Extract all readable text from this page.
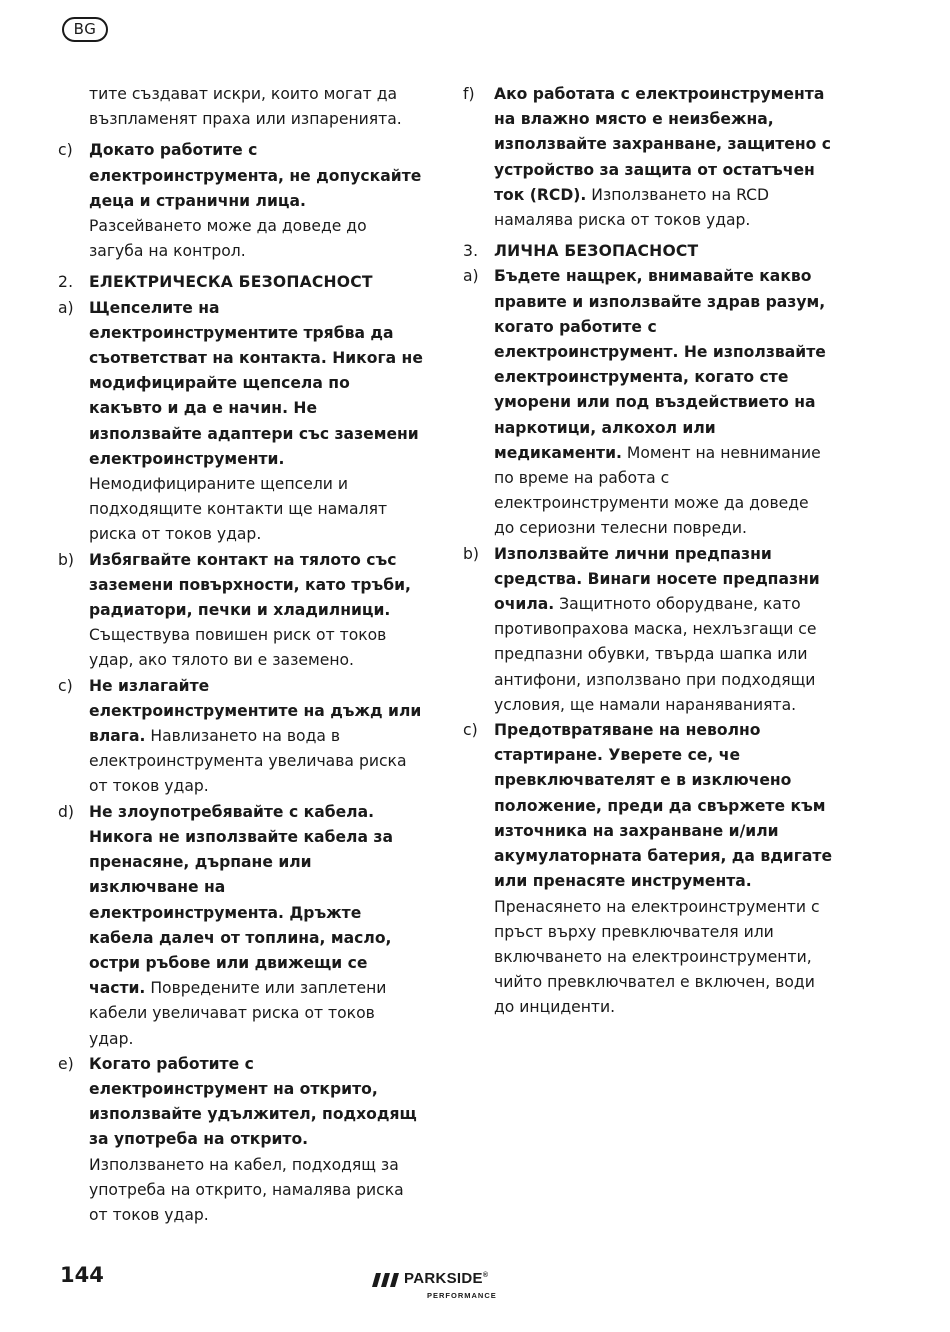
BG
тите създават искри, които могат да възпламенят праха или изпаренията.
c) Докато работите с електроинструмента, не допускайте деца и странични лица. Разсейването може да доведе до загуба на контрол.
2. ЕЛЕКТРИЧЕСКА БЕЗОПАСНОСТ
a) Щепселите на електроинструментите трябва да съответстват на контакта. Никога не модифицирайте щепсела по какъвто и да е начин. Не използвайте адаптери със заземени електроинструменти. Немодифицираните щепсели и подходящите контакти ще намалят риска от токов удар.
b) Избягвайте контакт на тялото със заземени повърхности, като тръби, радиатори, печки и хладилници. Съществува повишен риск от токов удар, ако тялото ви е заземено.
c) Не излагайте електроинструментите на дъжд или влага. Навлизането на вода в електроинструмента увеличава риска от токов удар.
d) Не злоупотребявайте с кабела. Никога не използвайте кабела за пренасяне, дърпане или изключване на електроинструмента. Дръжте кабела далеч от топлина, масло, остри ръбове или движещи се части. Повредените или заплетени кабели увеличават риска от токов удар.
e) Когато работите с електроинструмент на открито, използвайте удължител, подходящ за употреба на открито. Използването на кабел, подходящ за употреба на открито, намалява риска от токов удар.
f) Ако работата с електроинструмента на влажно място е неизбежна, използвайте захранване, защитено с устройство за защита от остатъчен ток (RCD). Използването на RCD намалява риска от токов удар.
3. ЛИЧНА БЕЗОПАСНОСТ
a) Бъдете нащрек, внимавайте какво правите и използвайте здрав разум, когато работите с електроинструмент. Не използвайте електроинструмента, когато сте уморени или под въздействието на наркотици, алкохол или медикаменти. Момент на невнимание по време на работа с електроинструменти може да доведе до сериозни телесни повреди.
b) Използвайте лични предпазни средства. Винаги носете предпазни очила. Защитното оборудване, като противопрахова маска, нехлъзгащи се предпазни обувки, твърда шапка или антифони, използвано при подходящи условия, ще намали нараняванията.
c) Предотвратяване на неволно стартиране. Уверете се, че превключвателят е в изключено положение, преди да свържете към източника на захранване и/или акумулаторната батерия, да вдигате или пренасяте инструмента. Пренасянето на електроинструменти с пръст върху превключвателя или включването на електроинструменти, чийто превключвател е включен, води до инциденти.
144	PARKSIDE®
PERFORMANCE
